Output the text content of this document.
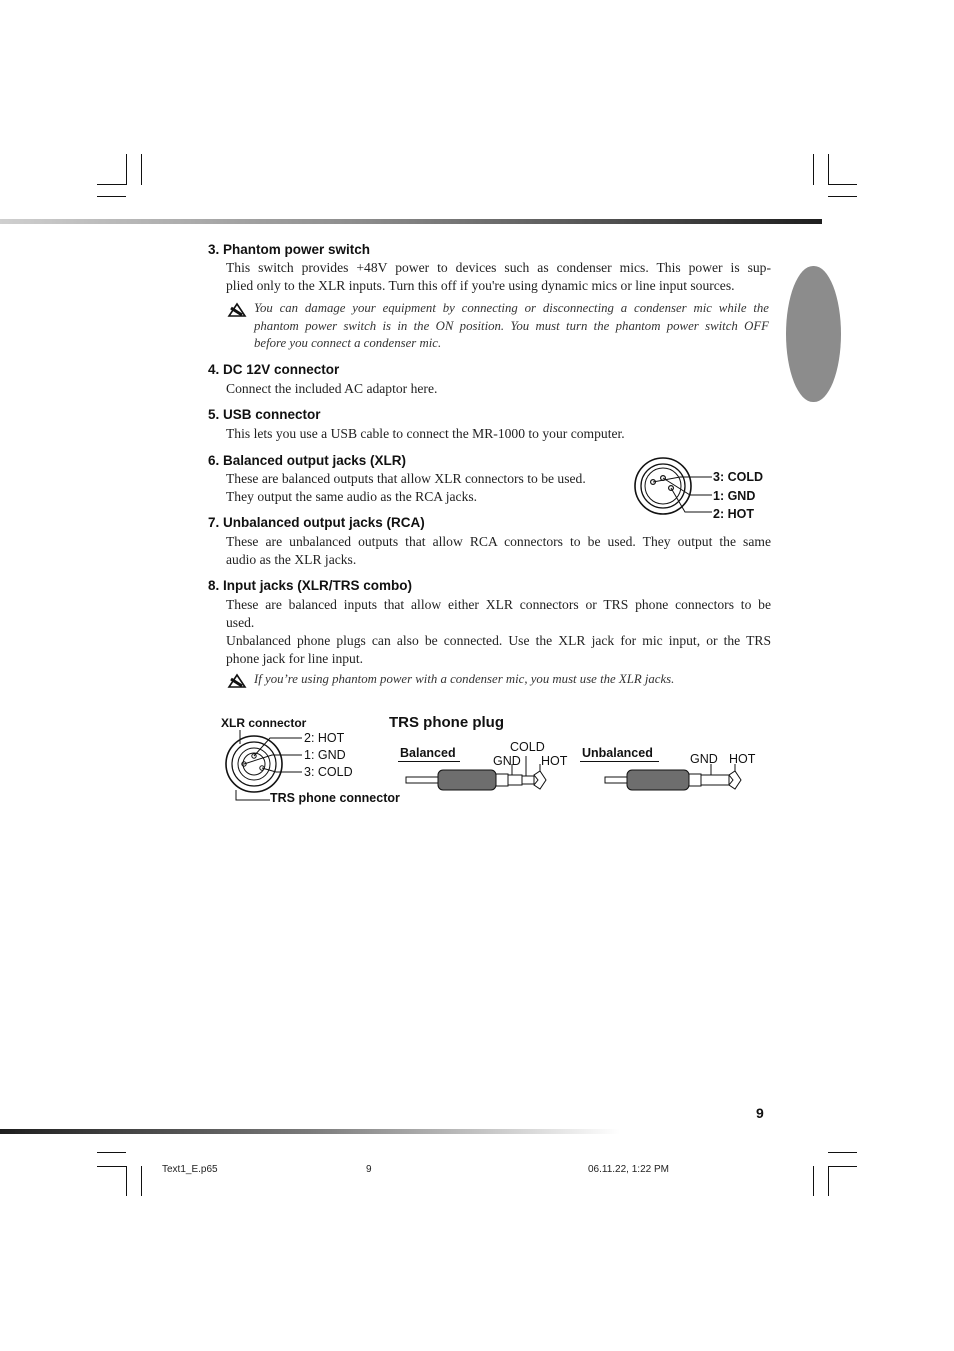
3. Phantom power switch
This switch provides +48V power to devices such as condenser mics. This power is sup-
plied only to the XLR inputs. Turn this off if you're using dynamic mics or line input sources.
You can damage your equipment by connecting or disconnecting a condenser mic while the
phantom power switch is in the ON position. You must turn the phantom power switch OFF
before you connect a condenser mic.
4. DC 12V connector
Connect the included AC adaptor here.
5. USB connector
This lets you use a USB cable to connect the MR-1000 to your computer.
6. Balanced output jacks (XLR)
These are balanced outputs that allow XLR connectors to be used.
They output the same audio as the RCA jacks.
3: COLD
1: GND
2: HOT
7. Unbalanced output jacks (RCA)
These are unbalanced outputs that allow RCA connectors to be used. They output the same
audio as the XLR jacks.
8. Input jacks (XLR/TRS combo)
These are balanced inputs that allow either XLR connectors or TRS phone connectors to be
used.
Unbalanced phone plugs can also be connected. Use the XLR jack for mic input, or the TRS
phone jack for line input.
If you’re using phantom power with a condenser mic, you must use the XLR jacks.
XLR connector
2: HOT
1: GND
3: COLD
TRS phone connector
TRS phone plug
Balanced	COLD
GND HOT
Unbalanced	GND HOT
9
Text1_E.p65	9	06.11.22, 1:22 PM
